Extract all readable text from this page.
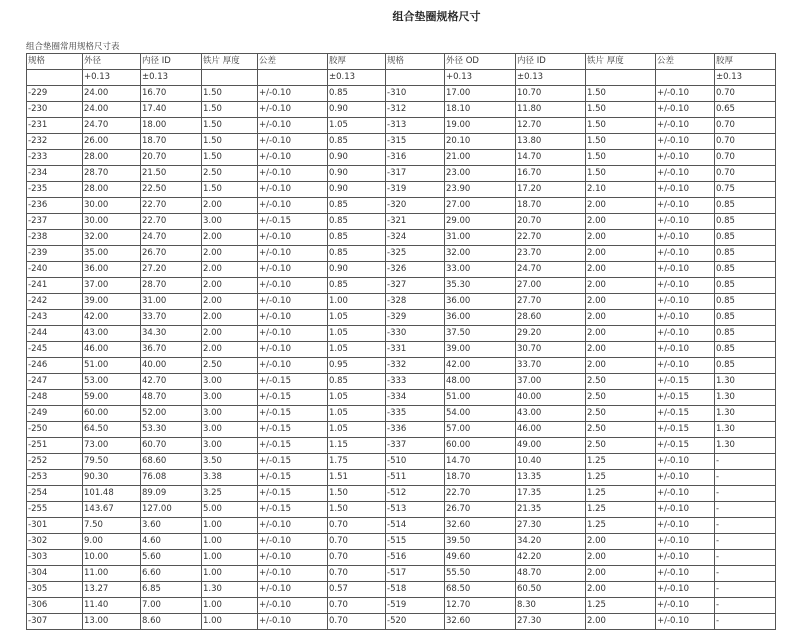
组合垫圈规格尺寸
组合垫圈常用规格尺寸表
规格	外径	内径 ID	铁片 厚度	公差	胶厚	规格	外径 OD	内径 ID	铁片 厚度	公差	胶厚
	+0.13	±0.13			±0.13		+0.13	±0.13			±0.13
-229	24.00	16.70	1.50	+/-0.10	0.85	-310	17.00	10.70	1.50	+/-0.10	0.70
-230	24.00	17.40	1.50	+/-0.10	0.90	-312	18.10	11.80	1.50	+/-0.10	0.65
-231	24.70	18.00	1.50	+/-0.10	1.05	-313	19.00	12.70	1.50	+/-0.10	0.70
-232	26.00	18.70	1.50	+/-0.10	0.85	-315	20.10	13.80	1.50	+/-0.10	0.70
-233	28.00	20.70	1.50	+/-0.10	0.90	-316	21.00	14.70	1.50	+/-0.10	0.70
-234	28.70	21.50	2.50	+/-0.10	0.90	-317	23.00	16.70	1.50	+/-0.10	0.70
-235	28.00	22.50	1.50	+/-0.10	0.90	-319	23.90	17.20	2.10	+/-0.10	0.75
-236	30.00	22.70	2.00	+/-0.10	0.85	-320	27.00	18.70	2.00	+/-0.10	0.85
-237	30.00	22.70	3.00	+/-0.15	0.85	-321	29.00	20.70	2.00	+/-0.10	0.85
-238	32.00	24.70	2.00	+/-0.10	0.85	-324	31.00	22.70	2.00	+/-0.10	0.85
-239	35.00	26.70	2.00	+/-0.10	0.85	-325	32.00	23.70	2.00	+/-0.10	0.85
-240	36.00	27.20	2.00	+/-0.10	0.90	-326	33.00	24.70	2.00	+/-0.10	0.85
-241	37.00	28.70	2.00	+/-0.10	0.85	-327	35.30	27.00	2.00	+/-0.10	0.85
-242	39.00	31.00	2.00	+/-0.10	1.00	-328	36.00	27.70	2.00	+/-0.10	0.85
-243	42.00	33.70	2.00	+/-0.10	1.05	-329	36.00	28.60	2.00	+/-0.10	0.85
-244	43.00	34.30	2.00	+/-0.10	1.05	-330	37.50	29.20	2.00	+/-0.10	0.85
-245	46.00	36.70	2.00	+/-0.10	1.05	-331	39.00	30.70	2.00	+/-0.10	0.85
-246	51.00	40.00	2.50	+/-0.10	0.95	-332	42.00	33.70	2.00	+/-0.10	0.85
-247	53.00	42.70	3.00	+/-0.15	0.85	-333	48.00	37.00	2.50	+/-0.15	1.30
-248	59.00	48.70	3.00	+/-0.15	1.05	-334	51.00	40.00	2.50	+/-0.15	1.30
-249	60.00	52.00	3.00	+/-0.15	1.05	-335	54.00	43.00	2.50	+/-0.15	1.30
-250	64.50	53.30	3.00	+/-0.15	1.05	-336	57.00	46.00	2.50	+/-0.15	1.30
-251	73.00	60.70	3.00	+/-0.15	1.15	-337	60.00	49.00	2.50	+/-0.15	1.30
-252	79.50	68.60	3.50	+/-0.15	1.75	-510	14.70	10.40	1.25	+/-0.10	-
-253	90.30	76.08	3.38	+/-0.15	1.51	-511	18.70	13.35	1.25	+/-0.10	-
-254	101.48	89.09	3.25	+/-0.15	1.50	-512	22.70	17.35	1.25	+/-0.10	-
-255	143.67	127.00	5.00	+/-0.15	1.50	-513	26.70	21.35	1.25	+/-0.10	-
-301	7.50	3.60	1.00	+/-0.10	0.70	-514	32.60	27.30	1.25	+/-0.10	-
-302	9.00	4.60	1.00	+/-0.10	0.70	-515	39.50	34.20	2.00	+/-0.10	-
-303	10.00	5.60	1.00	+/-0.10	0.70	-516	49.60	42.20	2.00	+/-0.10	-
-304	11.00	6.60	1.00	+/-0.10	0.70	-517	55.50	48.70	2.00	+/-0.10	-
-305	13.27	6.85	1.30	+/-0.10	0.57	-518	68.50	60.50	2.00	+/-0.10	-
-306	11.40	7.00	1.00	+/-0.10	0.70	-519	12.70	8.30	1.25	+/-0.10	-
-307	13.00	8.60	1.00	+/-0.10	0.70	-520	32.60	27.30	2.00	+/-0.10	-
